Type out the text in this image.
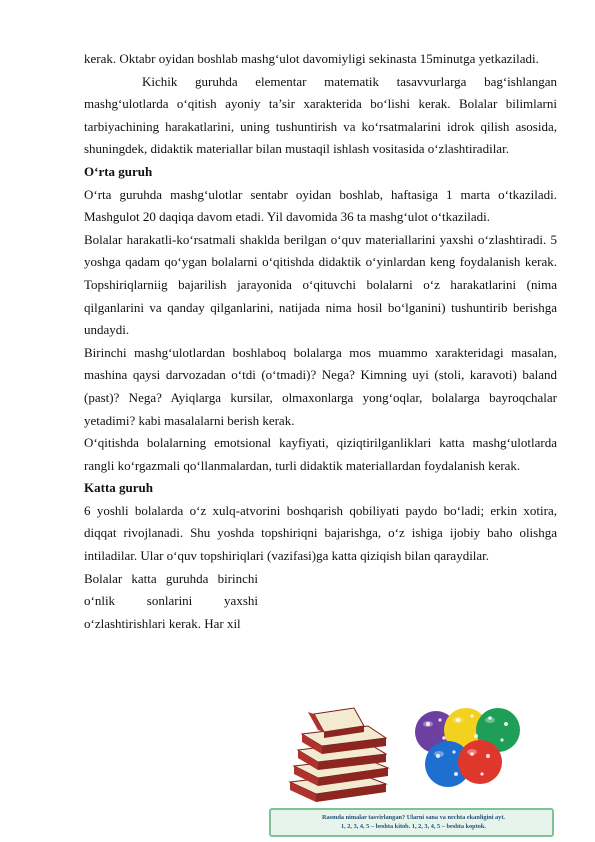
kerak. Oktabr oyidan boshlab mashg‘ulot davomiyligi sekinasta 15minutga yetkaziladi.

Kichik guruhda elementar matematik tasavvurlarga bag‘ishlangan mashg‘ulotlarda o‘qitish ayoniy ta’sir xarakterida bo‘lishi kerak. Bolalar bilimlarni tarbiyachining harakatlarini, uning tushuntirish va ko‘rsatmalarini idrok qilish asosida, shuningdek, didaktik materiallar bilan mustaqil ishlash vositasida o‘zlashtiradilar.

O‘rta guruh

O‘rta guruhda mashg‘ulotlar sentabr oyidan boshlab, haftasiga 1 marta o‘tkaziladi. Mashgulot 20 daqiqa davom etadi. Yil davomida 36 ta mashg‘ulot o‘tkaziladi.

Bolalar harakatli-ko‘rsatmali shaklda berilgan o‘quv materiallarini yaxshi o‘zlashtiradi. 5 yoshga qadam qo‘ygan bolalarni o‘qitishda didaktik o‘yinlardan keng foydalanish kerak. Topshiriqlarniig bajarilish jarayonida o‘qituvchi bolalarni o‘z harakatlarini (nima qilganlarini va qanday qilganlarini, natijada nima hosil bo‘lganini) tushuntirib berishga undaydi.

Birinchi mashg‘ulotlardan boshlaboq bolalarga mos muammo xarakteridagi masalan, mashina qaysi darvozadan o‘tdi (o‘tmadi)? Nega? Kimning uyi (stoli, karavoti) baland (past)? Nega? Ayiqlarga kursilar, olmaxonlarga yong‘oqlar, bolalarga bayroqchalar yetadimi? kabi masalalarni berish kerak.

O‘qitishda bolalarning emotsional kayfiyati, qiziqtirilganliklari katta mashg‘ulotlarda rangli ko‘rgazmali qo‘llanmalardan, turli didaktik materiallardan foydalanish kerak.

Katta guruh

6 yoshli bolalarda o‘z xulq-atvorini boshqarish qobiliyati paydo bo‘ladi; erkin xotira, diqqat rivojlanadi. Shu yoshda topshiriqni bajarishga, o‘z ishiga ijobiy baho olishga intiladilar. Ular o‘quv topshiriqlari (vazifasi)ga katta qiziqish bilan qaraydilar.

Bolalar katta guruhda birinchi o‘nlik sonlarini yaxshi o‘zlashtirishlari kerak. Har xil

Rasmda nimalar tasvirlangan? Ularni sana va nechta ekanligini ayt.
1, 2, 3, 4, 5 – beshta kitob. 1, 2, 3, 4, 5 – beshta koptok.
